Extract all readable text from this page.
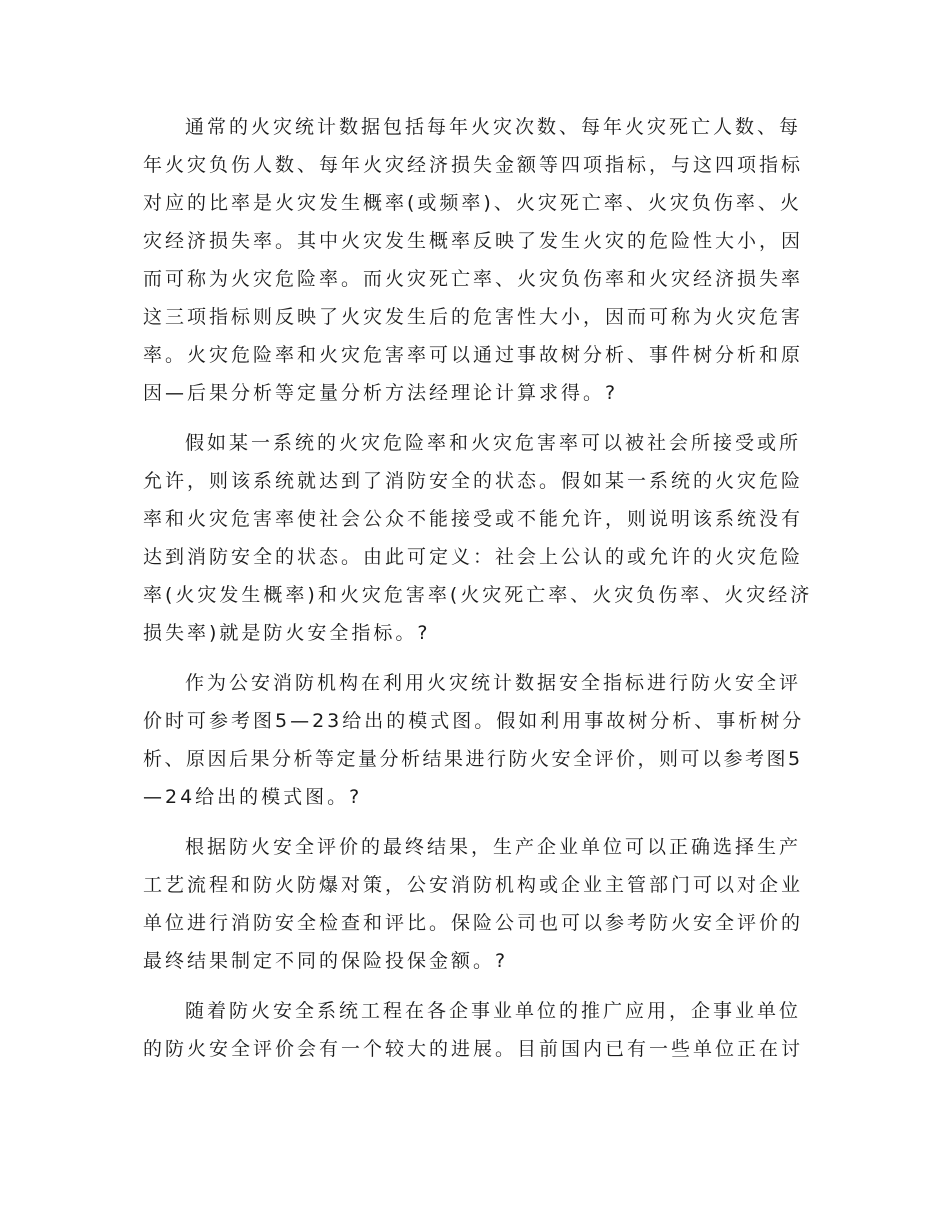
通常的火灾统计数据包括每年火灾次数、每年火灾死亡人数、每
年火灾负伤人数、每年火灾经济损失金额等四项指标，与这四项指标
对应的比率是火灾发生概率(或频率)、火灾死亡率、火灾负伤率、火
灾经济损失率。其中火灾发生概率反映了发生火灾的危险性大小，因
而可称为火灾危险率。而火灾死亡率、火灾负伤率和火灾经济损失率
这三项指标则反映了火灾发生后的危害性大小，因而可称为火灾危害
率。火灾危险率和火灾危害率可以通过事故树分析、事件树分析和原
因—后果分析等定量分析方法经理论计算求得。?
假如某一系统的火灾危险率和火灾危害率可以被社会所接受或所
允许，则该系统就达到了消防安全的状态。假如某一系统的火灾危险
率和火灾危害率使社会公众不能接受或不能允许，则说明该系统没有
达到消防安全的状态。由此可定义：社会上公认的或允许的火灾危险
率(火灾发生概率)和火灾危害率(火灾死亡率、火灾负伤率、火灾经济
损失率)就是防火安全指标。?
作为公安消防机构在利用火灾统计数据安全指标进行防火安全评
价时可参考图5—23给出的模式图。假如利用事故树分析、事析树分
析、原因后果分析等定量分析结果进行防火安全评价，则可以参考图5
—24给出的模式图。?
根据防火安全评价的最终结果，生产企业单位可以正确选择生产
工艺流程和防火防爆对策，公安消防机构或企业主管部门可以对企业
单位进行消防安全检查和评比。保险公司也可以参考防火安全评价的
最终结果制定不同的保险投保金额。?
随着防火安全系统工程在各企事业单位的推广应用，企事业单位
的防火安全评价会有一个较大的进展。目前国内已有一些单位正在讨
